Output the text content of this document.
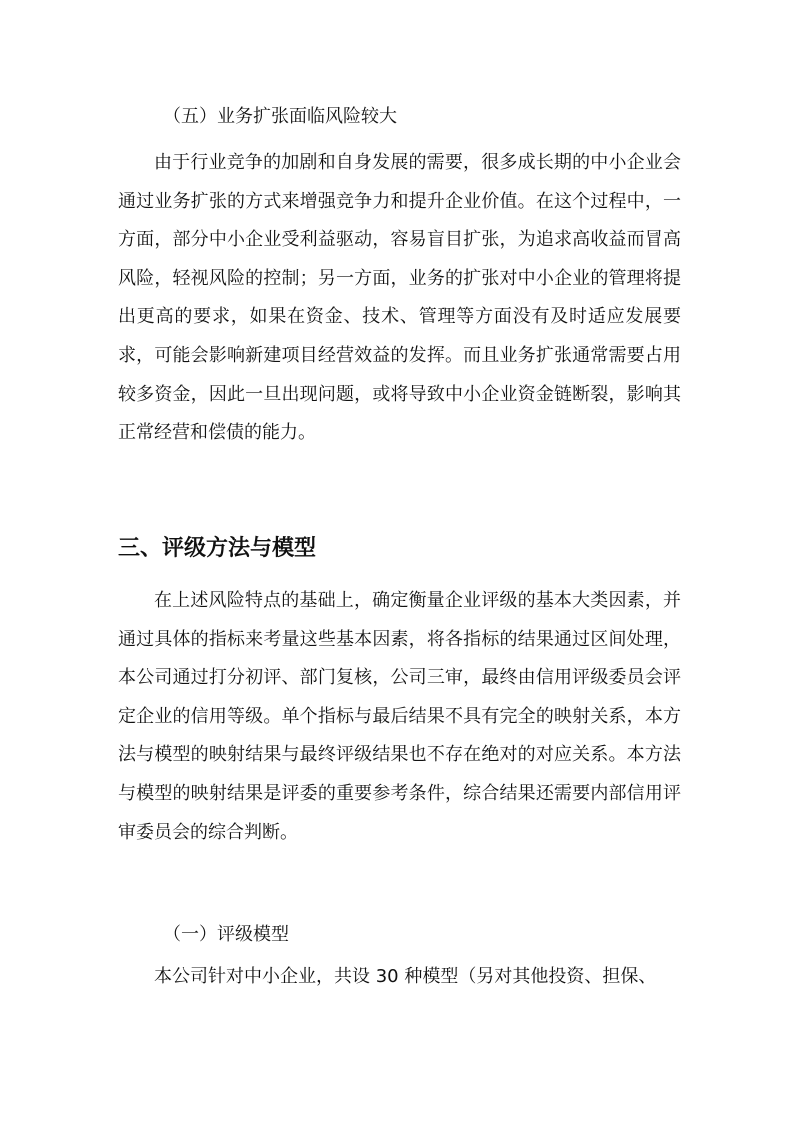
（五）业务扩张面临风险较大

由于行业竞争的加剧和自身发展的需要，很多成长期的中小企业会通过业务扩张的方式来增强竞争力和提升企业价值。在这个过程中，一方面，部分中小企业受利益驱动，容易盲目扩张，为追求高收益而冒高风险，轻视风险的控制；另一方面，业务的扩张对中小企业的管理将提出更高的要求，如果在资金、技术、管理等方面没有及时适应发展要求，可能会影响新建项目经营效益的发挥。而且业务扩张通常需要占用较多资金，因此一旦出现问题，或将导致中小企业资金链断裂，影响其正常经营和偿债的能力。

三、评级方法与模型

在上述风险特点的基础上，确定衡量企业评级的基本大类因素，并通过具体的指标来考量这些基本因素，将各指标的结果通过区间处理，本公司通过打分初评、部门复核，公司三审，最终由信用评级委员会评定企业的信用等级。单个指标与最后结果不具有完全的映射关系，本方法与模型的映射结果与最终评级结果也不存在绝对的对应关系。本方法与模型的映射结果是评委的重要参考条件，综合结果还需要内部信用评审委员会的综合判断。

（一）评级模型

本公司针对中小企业，共设 30 种模型（另对其他投资、担保、
